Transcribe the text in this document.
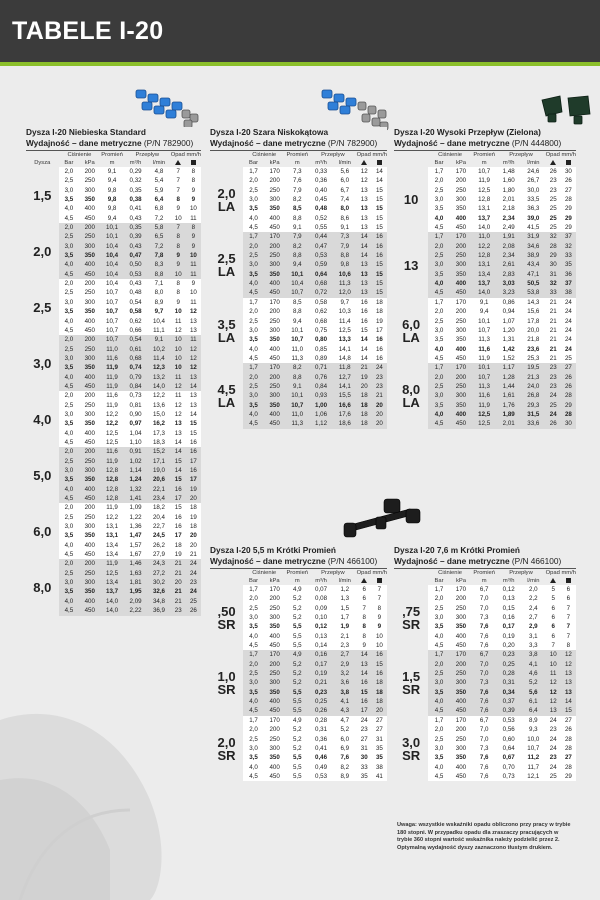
TABELE I-20
Dysza I-20 Niebieska Standard
Wydajność – dane metryczne (P/N 782900)
	Ciśnienie		Promień	Przepływ		Opad mm/h	
Dysza	Bar	kPa	m	m³/h	l/min		

1,5	2,0	200	9,1	0,29	4,8	7	8
	2,5	250	9,4	0,32	5,4	7	8
	3,0	300	9,8	0,35	5,9	7	9
	3,5	350	9,8	0,38	6,4	8	9
	4,0	400	9,8	0,41	6,8	9	10
	4,5	450	9,4	0,43	7,2	10	11

2,0	2,0	200	10,1	0,35	5,8	7	8
	2,5	250	10,1	0,39	6,5	8	9
	3,0	300	10,4	0,43	7,2	8	9
	3,5	350	10,4	0,47	7,8	9	10
	4,0	400	10,4	0,50	8,3	9	11
	4,5	450	10,4	0,53	8,8	10	11

2,5	2,0	200	10,4	0,43	7,1	8	9
	2,5	250	10,7	0,48	8,0	8	10
	3,0	300	10,7	0,54	8,9	9	11
	3,5	350	10,7	0,58	9,7	10	12
	4,0	400	10,7	0,62	10,4	11	13
	4,5	450	10,7	0,66	11,1	12	13

3,0	2,0	200	10,7	0,54	9,1	10	11
	2,5	250	11,0	0,61	10,2	10	12
	3,0	300	11,6	0,68	11,4	10	12
	3,5	350	11,9	0,74	12,3	10	12
	4,0	400	11,9	0,79	13,2	11	13
	4,5	450	11,9	0,84	14,0	12	14

4,0	2,0	200	11,6	0,73	12,2	11	13
	2,5	250	11,9	0,81	13,6	12	13
	3,0	300	12,2	0,90	15,0	12	14
	3,5	350	12,2	0,97	16,2	13	15
	4,0	400	12,5	1,04	17,3	13	15
	4,5	450	12,5	1,10	18,3	14	16

5,0	2,0	200	11,6	0,91	15,2	14	16
	2,5	250	11,9	1,02	17,1	15	17
	3,0	300	12,8	1,14	19,0	14	16
	3,5	350	12,8	1,24	20,6	15	17
	4,0	400	12,8	1,32	22,1	16	19
	4,5	450	12,8	1,41	23,4	17	20

6,0	2,0	200	11,9	1,09	18,2	15	18
	2,5	250	12,2	1,22	20,4	16	19
	3,0	300	13,1	1,36	22,7	16	18
	3,5	350	13,1	1,47	24,5	17	20
	4,0	400	13,4	1,57	26,2	18	20
	4,5	450	13,4	1,67	27,9	19	21

8,0	2,0	200	11,9	1,46	24,3	21	24
	2,5	250	12,5	1,63	27,2	21	24
	3,0	300	13,4	1,81	30,2	20	23
	3,5	350	13,7	1,95	32,6	21	24
	4,0	400	14,0	2,09	34,8	21	25
	4,5	450	14,0	2,22	36,9	23	26
Dysza I-20 Szara Niskokątowa
Wydajność – dane metryczne (P/N 782900)
	Ciśnienie		Promień	Przepływ		Opad mm/h	
	Bar	kPa	m	m³/h	l/min		

2,0
LA	1,7	170	7,3	0,33	5,6	12	14
	2,0	200	7,6	0,36	6,0	12	14
	2,5	250	7,9	0,40	6,7	13	15
	3,0	300	8,2	0,45	7,4	13	15
	3,5	350	8,5	0,48	8,0	13	15
	4,0	400	8,8	0,52	8,6	13	15
	4,5	450	9,1	0,55	9,1	13	15

2,5
LA	1,7	170	7,9	0,44	7,3	14	16
	2,0	200	8,2	0,47	7,9	14	16
	2,5	250	8,8	0,53	8,8	14	16
	3,0	300	9,4	0,59	9,8	13	15
	3,5	350	10,1	0,64	10,6	13	15
	4,0	400	10,4	0,68	11,3	13	15
	4,5	450	10,7	0,72	12,0	13	15

3,5
LA	1,7	170	8,5	0,58	9,7	16	18
	2,0	200	8,8	0,62	10,3	16	18
	2,5	250	9,4	0,68	11,4	16	19
	3,0	300	10,1	0,75	12,5	15	17
	3,5	350	10,7	0,80	13,3	14	16
	4,0	400	11,0	0,85	14,1	14	16
	4,5	450	11,3	0,89	14,8	14	16

4,5
LA	1,7	170	8,2	0,71	11,8	21	24
	2,0	200	8,8	0,76	12,7	19	23
	2,5	250	9,1	0,84	14,1	20	23
	3,0	300	10,1	0,93	15,5	18	21
	3,5	350	10,7	1,00	16,6	18	20
	4,0	400	11,0	1,06	17,6	18	20
	4,5	450	11,3	1,12	18,6	18	20
Dysza I-20 Wysoki Przepływ (Zielona)
Wydajność – dane metryczne (P/N 444800)
	Ciśnienie		Promień	Przepływ		Opad mm/h	
	Bar	kPa	m	m³/h	l/min		

10	1,7	170	10,7	1,48	24,6	26	30
	2,0	200	11,9	1,60	26,7	23	26
	2,5	250	12,5	1,80	30,0	23	27
	3,0	300	12,8	2,01	33,5	25	28
	3,5	350	13,1	2,18	36,3	25	29
	4,0	400	13,7	2,34	39,0	25	29
	4,5	450	14,0	2,49	41,5	25	29

13	1,7	170	11,0	1,91	31,9	32	37
	2,0	200	12,2	2,08	34,6	28	32
	2,5	250	12,8	2,34	38,9	29	33
	3,0	300	13,1	2,61	43,4	30	35
	3,5	350	13,4	2,83	47,1	31	36
	4,0	400	13,7	3,03	50,5	32	37
	4,5	450	14,0	3,23	53,8	33	38

6,0
LA	1,7	170	9,1	0,86	14,3	21	24
	2,0	200	9,4	0,94	15,6	21	24
	2,5	250	10,1	1,07	17,8	21	24
	3,0	300	10,7	1,20	20,0	21	24
	3,5	350	11,3	1,31	21,8	21	24
	4,0	400	11,6	1,42	23,6	21	24
	4,5	450	11,9	1,52	25,3	21	25

8,0
LA	1,7	170	10,1	1,17	19,5	23	27
	2,0	200	10,7	1,28	21,3	23	26
	2,5	250	11,3	1,44	24,0	23	26
	3,0	300	11,6	1,61	26,8	24	28
	3,5	350	11,9	1,76	29,3	25	29
	4,0	400	12,5	1,89	31,5	24	28
	4,5	450	12,5	2,01	33,6	26	30
Dysza I-20 5,5 m Krótki Promień
Wydajność – dane metryczne (P/N 466100)
	Ciśnienie		Promień	Przepływ		Opad mm/h	
	Bar	kPa	m	m³/h	l/min		

,50
SR	1,7	170	4,9	0,07	1,2	6	7
	2,0	200	5,2	0,08	1,3	6	7
	2,5	250	5,2	0,09	1,5	7	8
	3,0	300	5,2	0,10	1,7	8	9
	3,5	350	5,5	0,12	1,9	8	9
	4,0	400	5,5	0,13	2,1	8	10
	4,5	450	5,5	0,14	2,3	9	10

1,0
SR	1,7	170	4,9	0,16	2,7	14	16
	2,0	200	5,2	0,17	2,9	13	15
	2,5	250	5,2	0,19	3,2	14	16
	3,0	300	5,2	0,21	3,6	16	18
	3,5	350	5,5	0,23	3,8	15	18
	4,0	400	5,5	0,25	4,1	16	18
	4,5	450	5,5	0,26	4,3	17	20

2,0
SR	1,7	170	4,9	0,28	4,7	24	27
	2,0	200	5,2	0,31	5,2	23	27
	2,5	250	5,2	0,36	6,0	27	31
	3,0	300	5,2	0,41	6,9	31	35
	3,5	350	5,5	0,46	7,6	30	35
	4,0	400	5,5	0,49	8,2	33	38
	4,5	450	5,5	0,53	8,9	35	41
Dysza I-20 7,6 m Krótki Promień
Wydajność – dane metryczne (P/N 466100)
	Ciśnienie		Promień	Przepływ		Opad mm/h	
	Bar	kPa	m	m³/h	l/min		

,75
SR	1,7	170	6,7	0,12	2,0	5	6
	2,0	200	7,0	0,13	2,2	5	6
	2,5	250	7,0	0,15	2,4	6	7
	3,0	300	7,3	0,16	2,7	6	7
	3,5	350	7,6	0,17	2,9	6	7
	4,0	400	7,6	0,19	3,1	6	7
	4,5	450	7,6	0,20	3,3	7	8

1,5
SR	1,7	170	6,7	0,23	3,8	10	12
	2,0	200	7,0	0,25	4,1	10	12
	2,5	250	7,0	0,28	4,6	11	13
	3,0	300	7,3	0,31	5,2	12	13
	3,5	350	7,6	0,34	5,6	12	13
	4,0	400	7,6	0,37	6,1	12	14
	4,5	450	7,6	0,39	6,4	13	15

3,0
SR	1,7	170	6,7	0,53	8,9	24	27
	2,0	200	7,0	0,56	9,3	23	26
	2,5	250	7,0	0,60	10,0	24	28
	3,0	300	7,3	0,64	10,7	24	28
	3,5	350	7,6	0,67	11,2	23	27
	4,0	400	7,6	0,70	11,7	24	28
	4,5	450	7,6	0,73	12,1	25	29
Uwaga: wszystkie wskaźniki opadu obliczono przy pracy w trybie 180 stopni. W przypadku opadu dla zraszaczy pracujących w trybie 360 stopni wartość wskaźnika należy podzielić przez 2. Optymalną wydajność dyszy zaznaczono tłustym drukiem.
